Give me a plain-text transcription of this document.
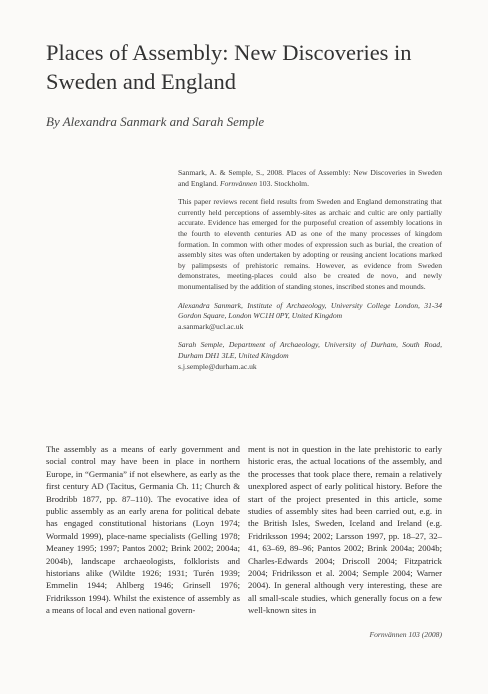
Places of Assembly: New Discoveries in Sweden and England
By Alexandra Sanmark and Sarah Semple

Sanmark, A. & Semple, S., 2008. Places of Assembly: New Discoveries in Sweden and England. Fornvännen 103. Stockholm.

This paper reviews recent field results from Sweden and England demonstrating that currently held perceptions of assembly-sites as archaic and cultic are only partially accurate. Evidence has emerged for the purposeful creation of assembly locations in the fourth to eleventh centuries AD as one of the many processes of kingdom formation. In common with other modes of expression such as burial, the creation of assembly sites was often undertaken by adopting or reusing ancient locations marked by palimpsests of prehistoric remains. However, as evidence from Sweden demonstrates, meeting-places could also be created de novo, and newly monumentalised by the addition of standing stones, inscribed stones and mounds.

Alexandra Sanmark, Institute of Archaeology, University College London, 31-34 Gordon Square, London WC1H 0PY, United Kingdom

a.sanmark@ucl.ac.uk

Sarah Semple, Department of Archaeology, University of Durham, South Road, Durham DH1 3LE, United Kingdom

s.j.semple@durham.ac.uk

The assembly as a means of early government and social control may have been in place in northern Europe, in “Germania” if not elsewhere, as early as the first century AD (Tacitus, Germania Ch. 11; Church & Brodribb 1877, pp. 87–110). The evocative idea of public assembly as an early arena for political debate has engaged constitutional historians (Loyn 1974; Wormald 1999), place-name specialists (Gelling 1978; Meaney 1995; 1997; Pantos 2002; Brink 2002; 2004a; 2004b), landscape archaeologists, folklorists and historians alike (Wildte 1926; 1931; Turén 1939; Emmelin 1944; Ahlberg 1946; Grinsell 1976; Fridriksson 1994). Whilst the existence of assembly as a means of local and even national govern-

ment is not in question in the late prehistoric to early historic eras, the actual locations of the assembly, and the processes that took place there, remain a relatively unexplored aspect of early political history. Before the start of the project presented in this article, some studies of assembly sites had been carried out, e.g. in the British Isles, Sweden, Iceland and Ireland (e.g. Fridriksson 1994; 2002; Larsson 1997, pp. 18–27, 32–41, 63–69, 89–96; Pantos 2002; Brink 2004a; 2004b; Charles-Edwards 2004; Driscoll 2004; Fitzpatrick 2004; Fridriksson et al. 2004; Semple 2004; Warner 2004). In general although very interesting, these are all small-scale studies, which generally focus on a few well-known sites in

Fornvännen 103 (2008)
